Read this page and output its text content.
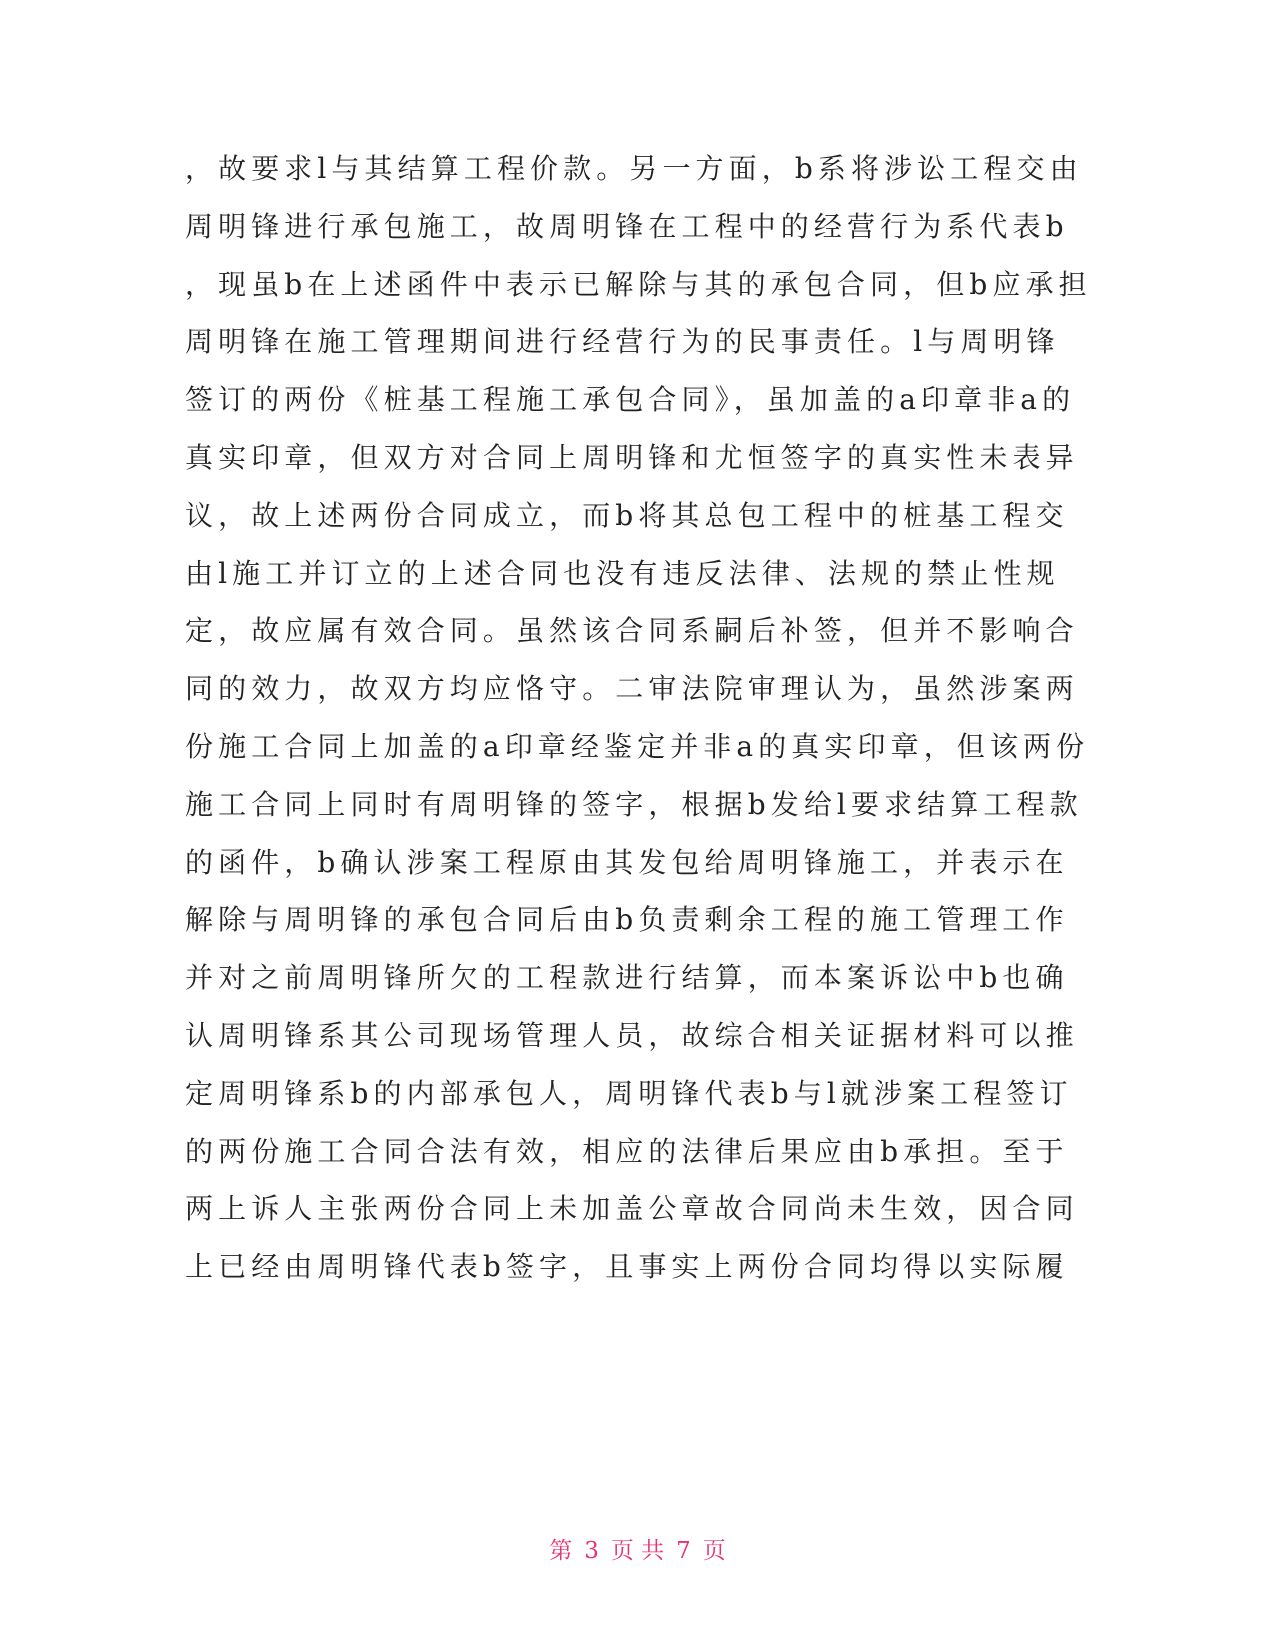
，故要求l与其结算工程价款。另一方面，b系将涉讼工程交由
周明锋进行承包施工，故周明锋在工程中的经营行为系代表b
，现虽b在上述函件中表示已解除与其的承包合同，但b应承担
周明锋在施工管理期间进行经营行为的民事责任。l与周明锋
签订的两份《桩基工程施工承包合同》，虽加盖的a印章非a的
真实印章，但双方对合同上周明锋和尤恒签字的真实性未表异
议，故上述两份合同成立，而b将其总包工程中的桩基工程交
由l施工并订立的上述合同也没有违反法律、法规的禁止性规
定，故应属有效合同。虽然该合同系嗣后补签，但并不影响合
同的效力，故双方均应恪守。二审法院审理认为，虽然涉案两
份施工合同上加盖的a印章经鉴定并非a的真实印章，但该两份
施工合同上同时有周明锋的签字，根据b发给l要求结算工程款
的函件，b确认涉案工程原由其发包给周明锋施工，并表示在
解除与周明锋的承包合同后由b负责剩余工程的施工管理工作
并对之前周明锋所欠的工程款进行结算，而本案诉讼中b也确
认周明锋系其公司现场管理人员，故综合相关证据材料可以推
定周明锋系b的内部承包人，周明锋代表b与l就涉案工程签订
的两份施工合同合法有效，相应的法律后果应由b承担。至于
两上诉人主张两份合同上未加盖公章故合同尚未生效，因合同
上已经由周明锋代表b签字，且事实上两份合同均得以实际履
第 3 页 共 7 页
